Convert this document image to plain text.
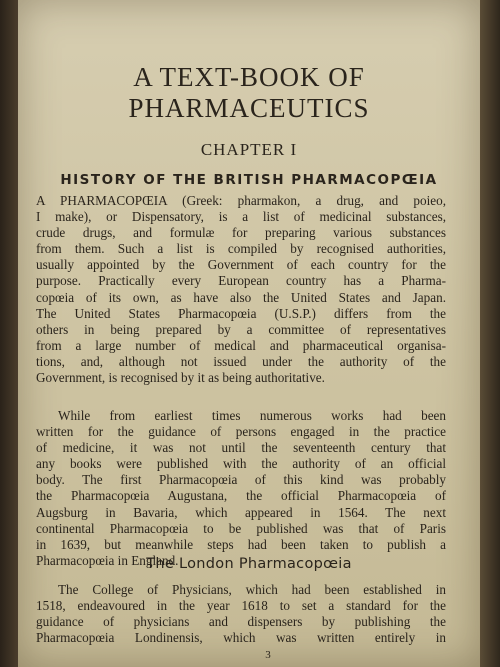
A TEXT-BOOK OF
PHARMACEUTICS
CHAPTER I
HISTORY OF THE BRITISH PHARMACOPŒIA
A PHARMACOPŒIA (Greek: pharmakon, a drug, and poieo,
I make), or Dispensatory, is a list of medicinal substances,
crude drugs, and formulæ for preparing various substances
from them. Such a list is compiled by recognised authorities,
usually appointed by the Government of each country for the
purpose. Practically every European country has a Pharma-
copœia of its own, as have also the United States and Japan.
The United States Pharmacopœia (U.S.P.) differs from the
others in being prepared by a committee of representatives
from a large number of medical and pharmaceutical organisa-
tions, and, although not issued under the authority of the
Government, is recognised by it as being authoritative.
While from earliest times numerous works had been
written for the guidance of persons engaged in the practice
of medicine, it was not until the seventeenth century that
any books were published with the authority of an official
body. The first Pharmacopœia of this kind was probably
the Pharmacopœia Augustana, the official Pharmacopœia of
Augsburg in Bavaria, which appeared in 1564. The next
continental Pharmacopœia to be published was that of Paris
in 1639, but meanwhile steps had been taken to publish a
Pharmacopœia in England.
The London Pharmacopœia
The College of Physicians, which had been established in
1518, endeavoured in the year 1618 to set a standard for the
guidance of physicians and dispensers by publishing the
Pharmacopœia Londinensis, which was written entirely in
3
